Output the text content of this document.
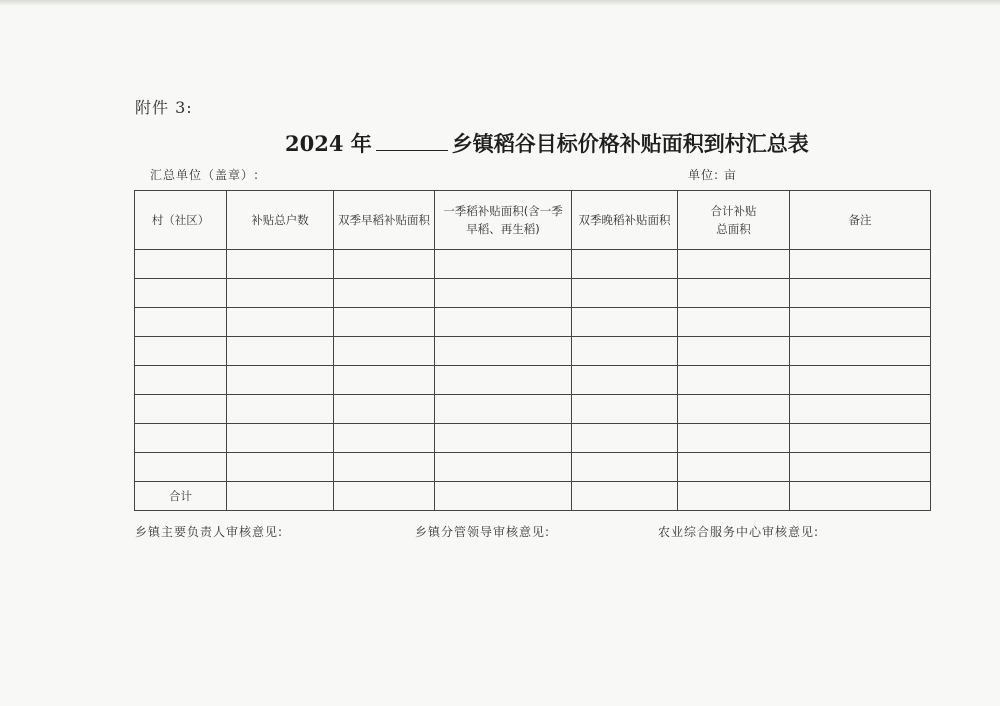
附件 3:
2024 年	乡镇稻谷目标价格补贴面积到村汇总表
汇总单位（盖章）:	单位: 亩
村（社区）	补贴总户数	双季早稻补贴面积	一季稻补贴面积(含一季早稻、再生稻)	双季晚稻补贴面积	合计补贴总面积	备注

合计						
乡镇主要负责人审核意见:	乡镇分管领导审核意见:	农业综合服务中心审核意见:
